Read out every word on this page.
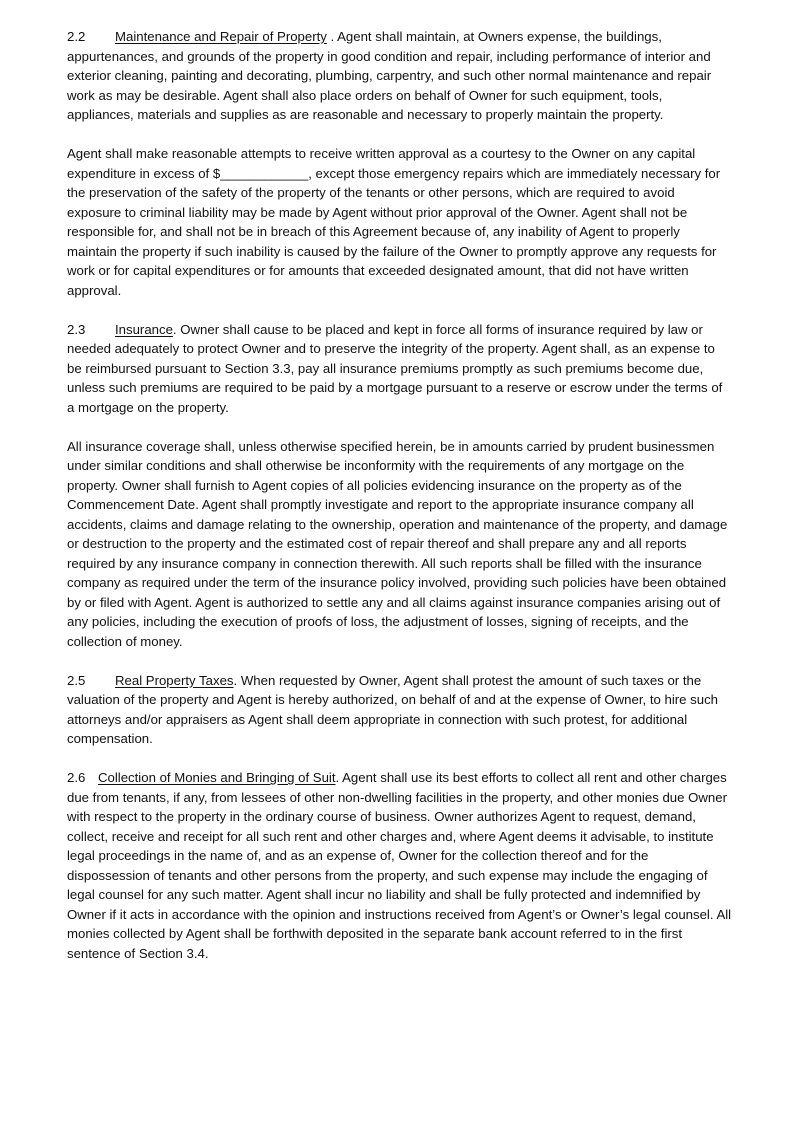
2.2 Maintenance and Repair of Property . Agent shall maintain, at Owners expense, the buildings, appurtenances, and grounds of the property in good condition and repair, including performance of interior and exterior cleaning, painting and decorating, plumbing, carpentry, and such other normal maintenance and repair work as may be desirable. Agent shall also place orders on behalf of Owner for such equipment, tools, appliances, materials and supplies as are reasonable and necessary to properly maintain the property.

Agent shall make reasonable attempts to receive written approval as a courtesy to the Owner on any capital expenditure in excess of $____________, except those emergency repairs which are immediately necessary for the preservation of the safety of the property of the tenants or other persons, which are required to avoid exposure to criminal liability may be made by Agent without prior approval of the Owner. Agent shall not be responsible for, and shall not be in breach of this Agreement because of, any inability of Agent to properly maintain the property if such inability is caused by the failure of the Owner to promptly approve any requests for work or for capital expenditures or for amounts that exceeded designated amount, that did not have written approval.

2.3 Insurance. Owner shall cause to be placed and kept in force all forms of insurance required by law or needed adequately to protect Owner and to preserve the integrity of the property. Agent shall, as an expense to be reimbursed pursuant to Section 3.3, pay all insurance premiums promptly as such premiums become due, unless such premiums are required to be paid by a mortgage pursuant to a reserve or escrow under the terms of a mortgage on the property.

All insurance coverage shall, unless otherwise specified herein, be in amounts carried by prudent businessmen under similar conditions and shall otherwise be inconformity with the requirements of any mortgage on the property. Owner shall furnish to Agent copies of all policies evidencing insurance on the property as of the Commencement Date. Agent shall promptly investigate and report to the appropriate insurance company all accidents, claims and damage relating to the ownership, operation and maintenance of the property, and damage or destruction to the property and the estimated cost of repair thereof and shall prepare any and all reports required by any insurance company in connection therewith. All such reports shall be filled with the insurance company as required under the term of the insurance policy involved, providing such policies have been obtained by or filed with Agent. Agent is authorized to settle any and all claims against insurance companies arising out of any policies, including the execution of proofs of loss, the adjustment of losses, signing of receipts, and the collection of money.

2.5 Real Property Taxes. When requested by Owner, Agent shall protest the amount of such taxes or the valuation of the property and Agent is hereby authorized, on behalf of and at the expense of Owner, to hire such attorneys and/or appraisers as Agent shall deem appropriate in connection with such protest, for additional compensation.

2.6 Collection of Monies and Bringing of Suit. Agent shall use its best efforts to collect all rent and other charges due from tenants, if any, from lessees of other non-dwelling facilities in the property, and other monies due Owner with respect to the property in the ordinary course of business. Owner authorizes Agent to request, demand, collect, receive and receipt for all such rent and other charges and, where Agent deems it advisable, to institute legal proceedings in the name of, and as an expense of, Owner for the collection thereof and for the dispossession of tenants and other persons from the property, and such expense may include the engaging of legal counsel for any such matter. Agent shall incur no liability and shall be fully protected and indemnified by Owner if it acts in accordance with the opinion and instructions received from Agent’s or Owner’s legal counsel. All monies collected by Agent shall be forthwith deposited in the separate bank account referred to in the first sentence of Section 3.4.
